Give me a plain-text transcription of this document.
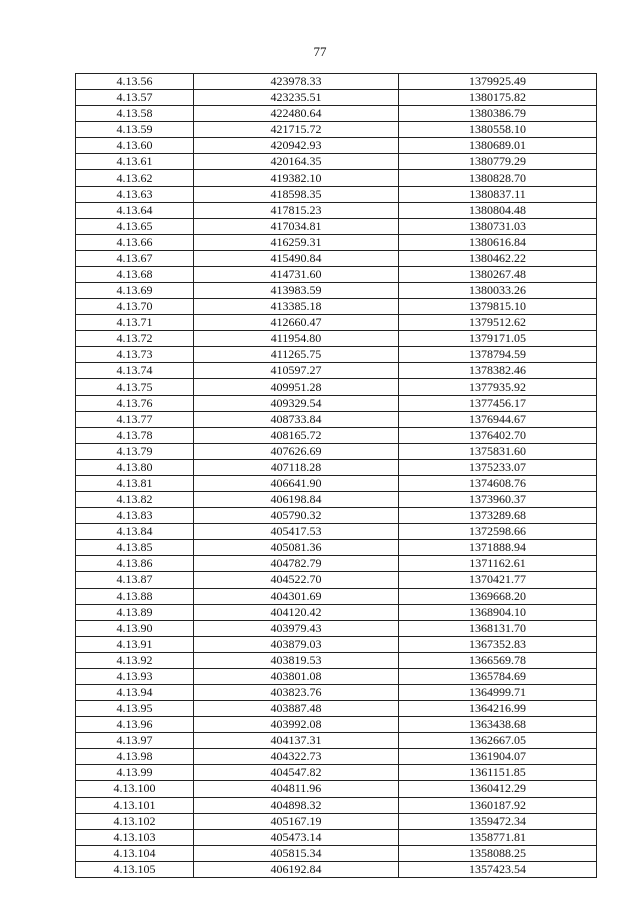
77
4.13.56	423978.33	1379925.49
4.13.57	423235.51	1380175.82
4.13.58	422480.64	1380386.79
4.13.59	421715.72	1380558.10
4.13.60	420942.93	1380689.01
4.13.61	420164.35	1380779.29
4.13.62	419382.10	1380828.70
4.13.63	418598.35	1380837.11
4.13.64	417815.23	1380804.48
4.13.65	417034.81	1380731.03
4.13.66	416259.31	1380616.84
4.13.67	415490.84	1380462.22
4.13.68	414731.60	1380267.48
4.13.69	413983.59	1380033.26
4.13.70	413385.18	1379815.10
4.13.71	412660.47	1379512.62
4.13.72	411954.80	1379171.05
4.13.73	411265.75	1378794.59
4.13.74	410597.27	1378382.46
4.13.75	409951.28	1377935.92
4.13.76	409329.54	1377456.17
4.13.77	408733.84	1376944.67
4.13.78	408165.72	1376402.70
4.13.79	407626.69	1375831.60
4.13.80	407118.28	1375233.07
4.13.81	406641.90	1374608.76
4.13.82	406198.84	1373960.37
4.13.83	405790.32	1373289.68
4.13.84	405417.53	1372598.66
4.13.85	405081.36	1371888.94
4.13.86	404782.79	1371162.61
4.13.87	404522.70	1370421.77
4.13.88	404301.69	1369668.20
4.13.89	404120.42	1368904.10
4.13.90	403979.43	1368131.70
4.13.91	403879.03	1367352.83
4.13.92	403819.53	1366569.78
4.13.93	403801.08	1365784.69
4.13.94	403823.76	1364999.71
4.13.95	403887.48	1364216.99
4.13.96	403992.08	1363438.68
4.13.97	404137.31	1362667.05
4.13.98	404322.73	1361904.07
4.13.99	404547.82	1361151.85
4.13.100	404811.96	1360412.29
4.13.101	404898.32	1360187.92
4.13.102	405167.19	1359472.34
4.13.103	405473.14	1358771.81
4.13.104	405815.34	1358088.25
4.13.105	406192.84	1357423.54
